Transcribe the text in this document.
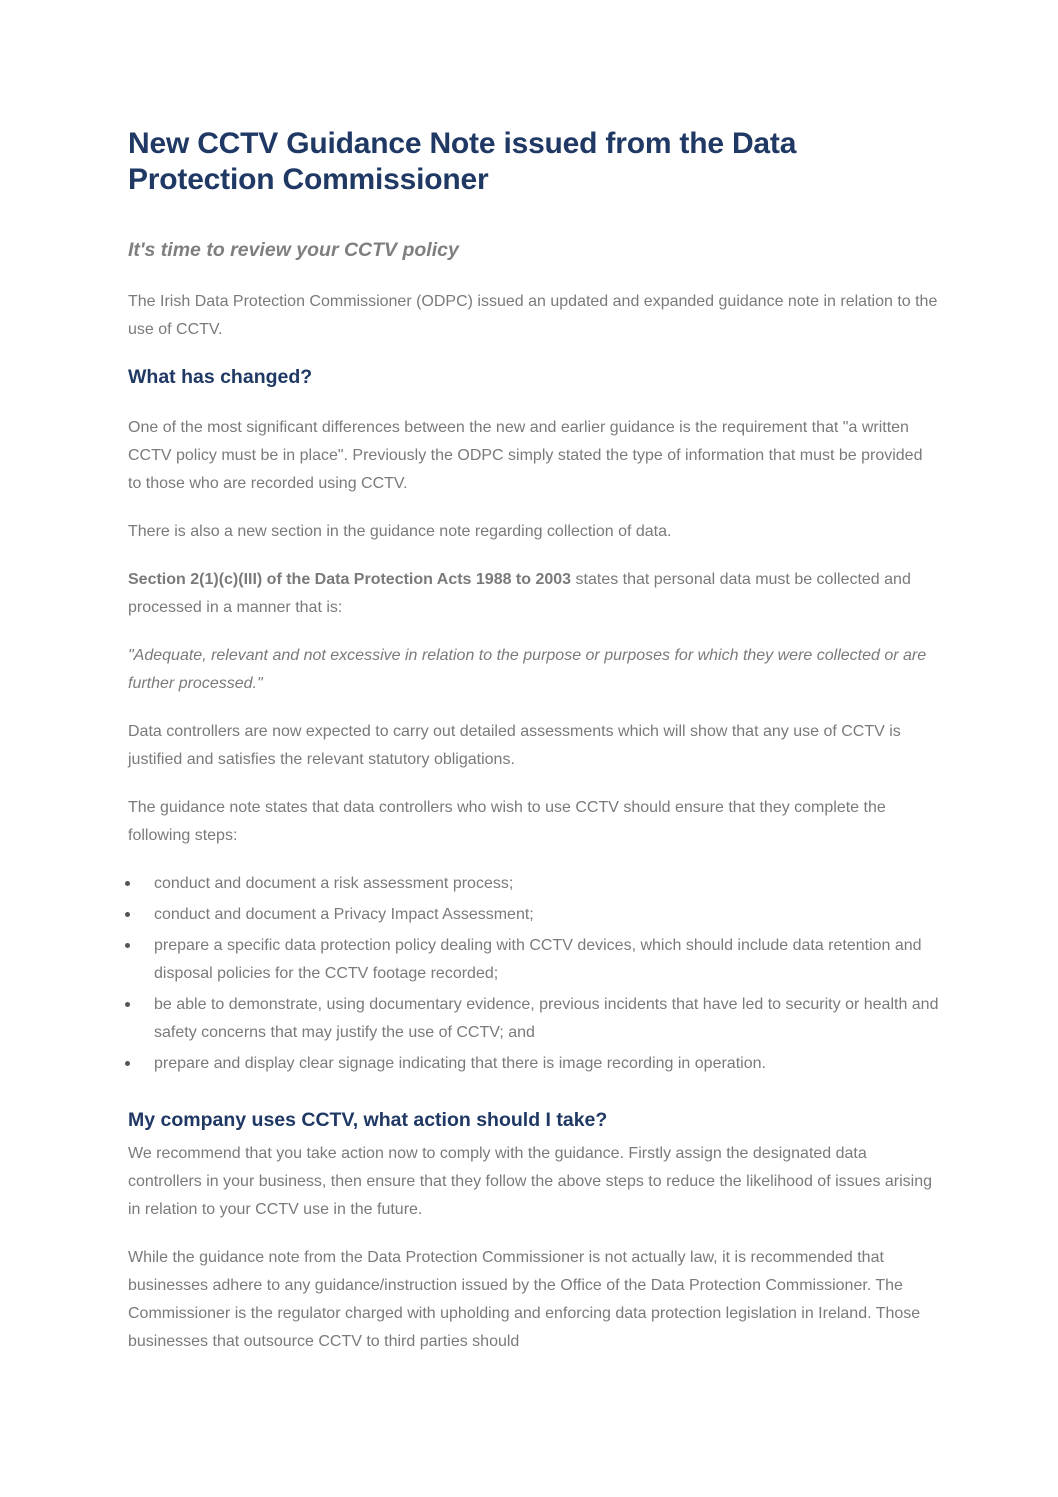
New CCTV Guidance Note issued from the Data Protection Commissioner
It's time to review your CCTV policy

The Irish Data Protection Commissioner (ODPC) issued an updated and expanded guidance note in relation to the use of CCTV.

What has changed?

One of the most significant differences between the new and earlier guidance is the requirement that "a written CCTV policy must be in place". Previously the ODPC simply stated the type of information that must be provided to those who are recorded using CCTV.

There is also a new section in the guidance note regarding collection of data.

Section 2(1)(c)(III) of the Data Protection Acts 1988 to 2003 states that personal data must be collected and processed in a manner that is:

"Adequate, relevant and not excessive in relation to the purpose or purposes for which they were collected or are further processed."

Data controllers are now expected to carry out detailed assessments which will show that any use of CCTV is justified and satisfies the relevant statutory obligations.

The guidance note states that data controllers who wish to use CCTV should ensure that they complete the following steps:

conduct and document a risk assessment process;
conduct and document a Privacy Impact Assessment;
prepare a specific data protection policy dealing with CCTV devices, which should include data retention and disposal policies for the CCTV footage recorded;
be able to demonstrate, using documentary evidence, previous incidents that have led to security or health and safety concerns that may justify the use of CCTV; and
prepare and display clear signage indicating that there is image recording in operation.
My company uses CCTV, what action should I take?

We recommend that you take action now to comply with the guidance. Firstly assign the designated data controllers in your business, then ensure that they follow the above steps to reduce the likelihood of issues arising in relation to your CCTV use in the future.

While the guidance note from the Data Protection Commissioner is not actually law, it is recommended that businesses adhere to any guidance/instruction issued by the Office of the Data Protection Commissioner. The Commissioner is the regulator charged with upholding and enforcing data protection legislation in Ireland. Those businesses that outsource CCTV to third parties should
